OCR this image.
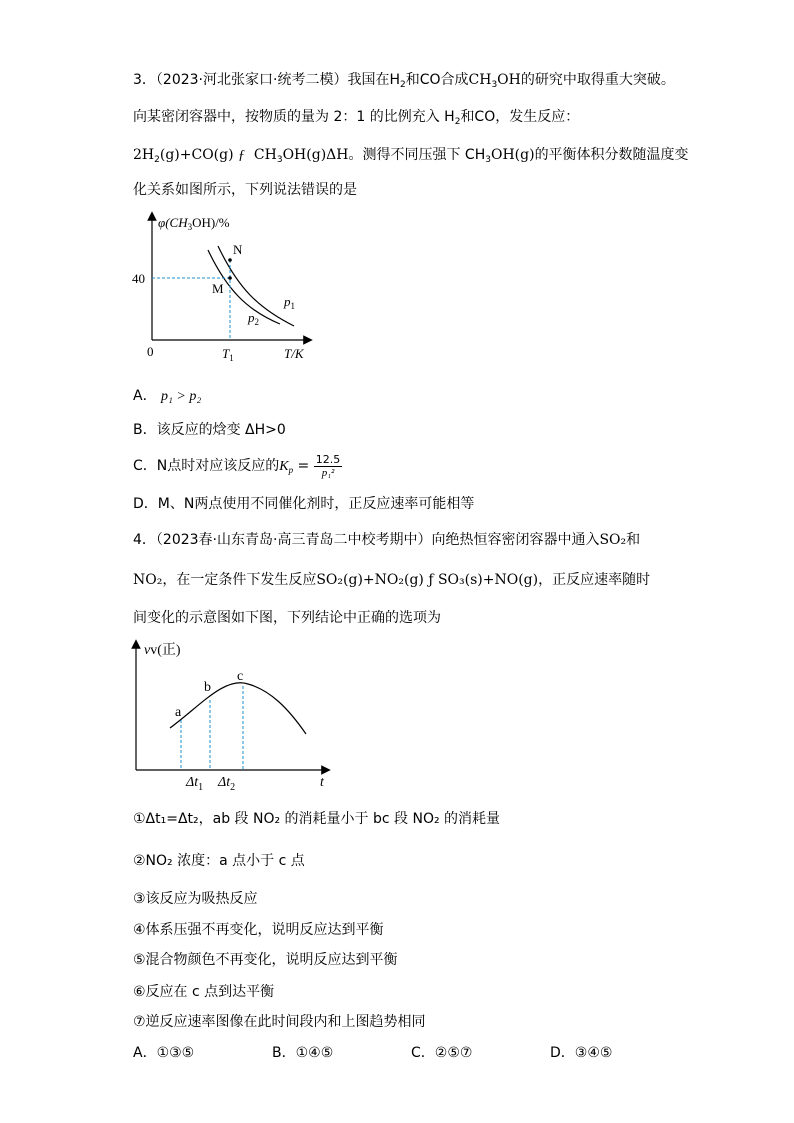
3．（2023·河北张家口·统考二模）我国在$H_2$和CO合成$CH_3OH$的研究中取得重大突破。
向某密闭容器中，按物质的量为 2：1 的比例充入 $H_2$和CO，发生反应：
$2H_2(g)+CO(g)$ ƒ $CH_3OH(g)\Delta H$。测得不同压强下 $CH_3OH(g)$的平衡体积分数随温度变
化关系如图所示，下列说法错误的是
$\varphi(CH_3OH)/\%$
N
M
40
0	$T_1$	T/K
$p_1$
$p_2$
A． p₁ > p₂
B．该反应的焓变 ΔH>0
C．N点时对应该反应的$K_p = \frac{12.5}{\text{p₁²}}$
D．M、N两点使用不同催化剂时，正反应速率可能相等
4．（2023春·山东青岛·高三青岛二中校考期中）向绝热恒容密闭容器中通入SO₂和
NO₂，在一定条件下发生反应SO₂(g)+NO₂(g) ƒ SO₃(s)+NO(g)，正反应速率随时
间变化的示意图如下图，下列结论中正确的选项为
vv(正)
a
b
c
$\Delta t_1$ $\Delta t_2$	t
①Δt₁=Δt₂，ab 段 NO₂ 的消耗量小于 bc 段 NO₂ 的消耗量
②NO₂ 浓度：a 点小于 c 点
③该反应为吸热反应
④体系压强不再变化，说明反应达到平衡
⑤混合物颜色不再变化，说明反应达到平衡
⑥反应在 c 点到达平衡
⑦逆反应速率图像在此时间段内和上图趋势相同
A．①③⑤	B．①④⑤	C．②⑤⑦	D．③④⑤
